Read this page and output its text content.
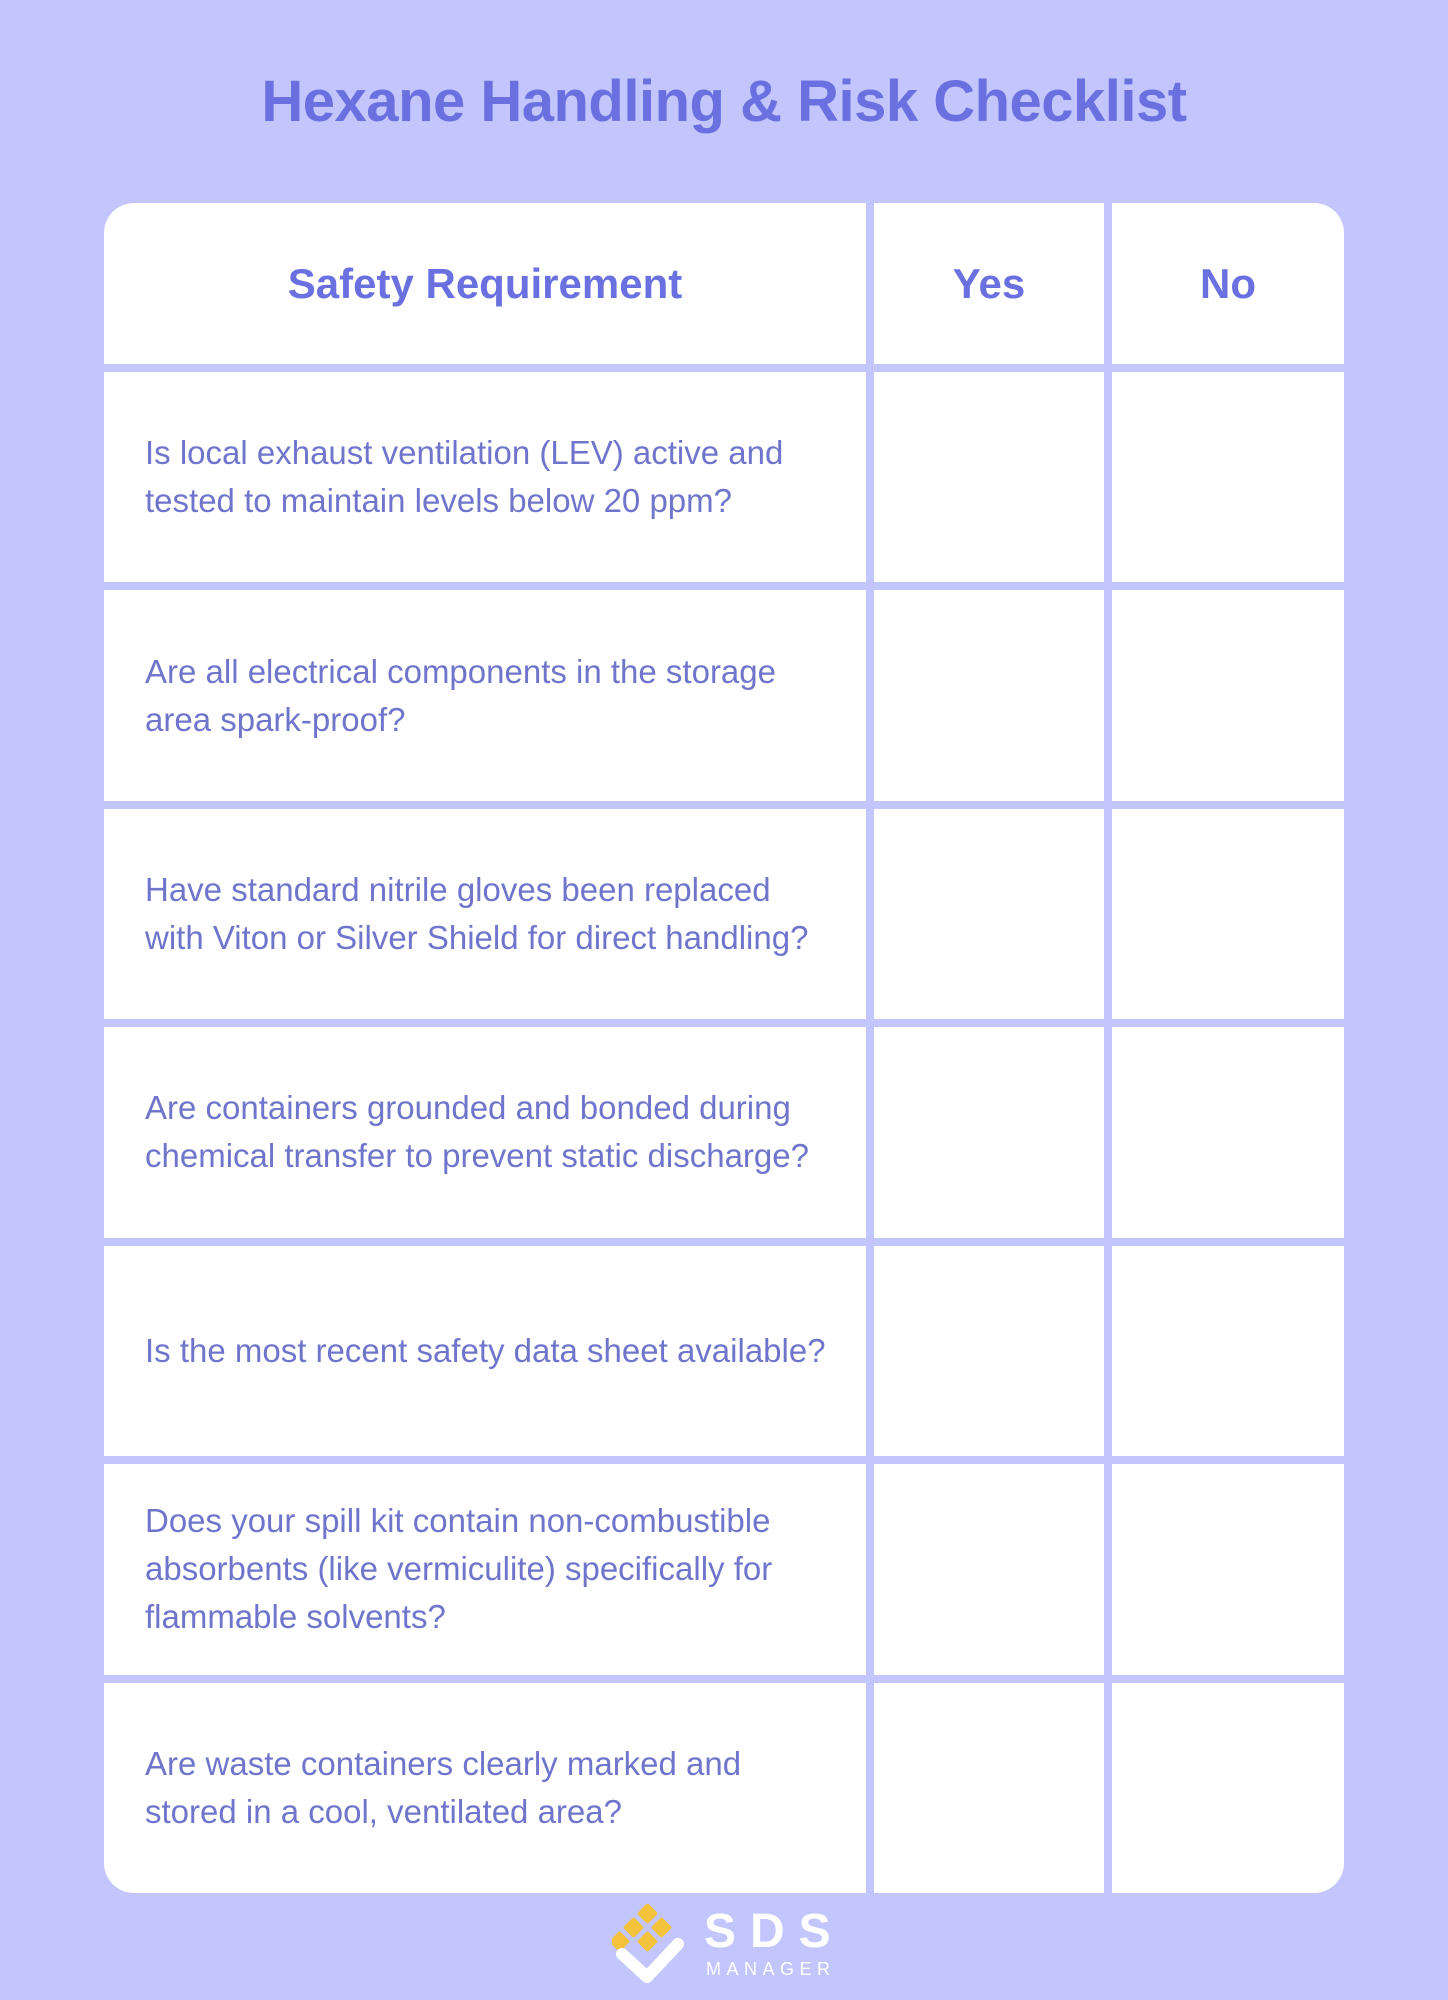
Hexane Handling & Risk Checklist
Safety Requirement	Yes	No
Is local exhaust ventilation (LEV) active and tested to maintain levels below 20 ppm?
Are all electrical components in the storage area spark-proof?
Have standard nitrile gloves been replaced with Viton or Silver Shield for direct handling?
Are containers grounded and bonded during chemical transfer to prevent static discharge?
Is the most recent safety data sheet available?
Does your spill kit contain non-combustible absorbents (like vermiculite) specifically for flammable solvents?
Are waste containers clearly marked and stored in a cool, ventilated area?
SDS
MANAGER
